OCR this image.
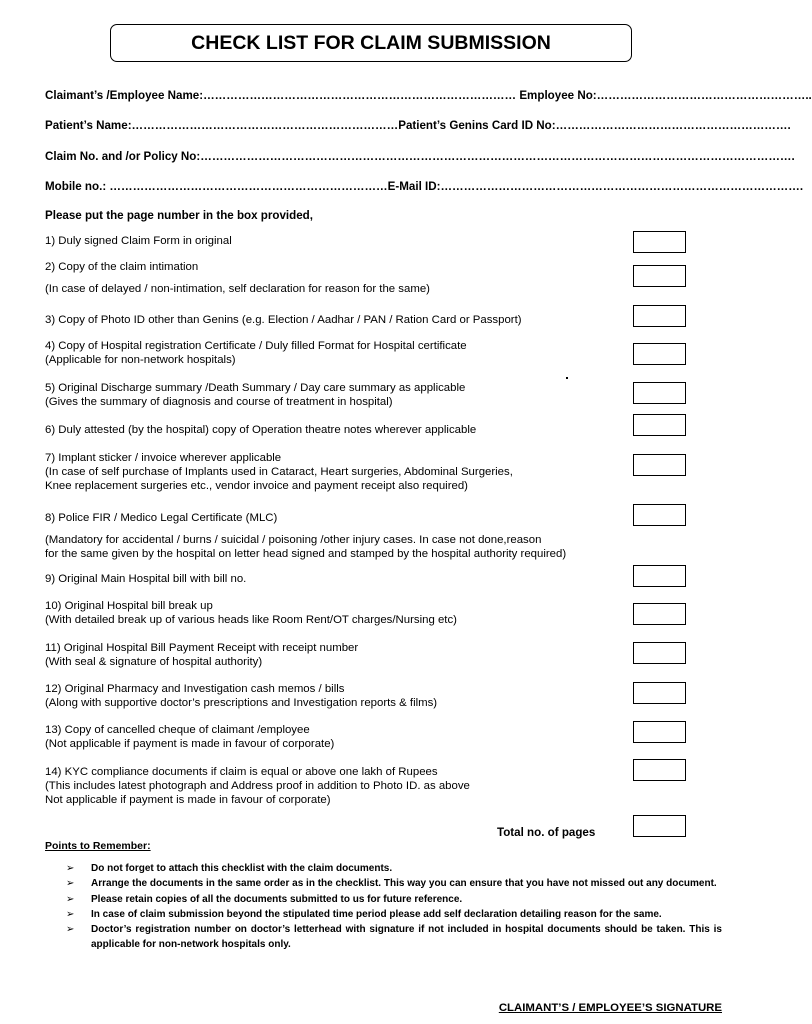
CHECK LIST FOR CLAIM SUBMISSION
Claimant’s /Employee Name:……………………………………………………………………… Employee No:………………………………………………..
Patient’s Name:……………………………………………………………Patient’s Genins Card ID No:…………………………………………………….
Claim No. and /or Policy No:……………………………………………………………………………………………………………………………………….
Mobile no.: ………………………………………………………………E-Mail ID:………………………………………………………………………………….
Please put the page number in the box provided,
1) Duly signed Claim Form in original
2) Copy of the claim intimation
(In case of delayed / non-intimation, self declaration for reason for the same)
3) Copy of Photo ID other than Genins (e.g. Election / Aadhar / PAN / Ration Card or Passport)
4) Copy of Hospital registration Certificate / Duly filled Format for Hospital certificate
(Applicable for non-network hospitals)
5) Original Discharge summary /Death Summary / Day care summary as applicable
(Gives the summary of diagnosis and course of treatment in hospital)
6) Duly attested (by the hospital) copy of Operation theatre notes wherever applicable
7) Implant sticker / invoice wherever applicable
(In case of self purchase of Implants used in Cataract, Heart surgeries, Abdominal Surgeries,
Knee replacement surgeries etc., vendor invoice and payment receipt also required)
8) Police FIR / Medico Legal Certificate (MLC)
(Mandatory for accidental / burns / suicidal / poisoning /other injury cases. In case not done,reason
for the same given by the hospital on letter head signed and stamped by the hospital authority required)
9) Original Main Hospital bill with bill no.
10) Original Hospital bill break up
(With detailed break up of various heads like Room Rent/OT charges/Nursing etc)
11) Original Hospital Bill Payment Receipt with receipt number
(With seal & signature of hospital authority)
12) Original Pharmacy and Investigation cash memos / bills
(Along with supportive doctor’s prescriptions and Investigation reports & films)
13) Copy of cancelled cheque of claimant /employee
(Not applicable if payment is made in favour of corporate)
14) KYC compliance documents if claim is equal or above one lakh of Rupees
(This includes latest photograph and Address proof in addition to Photo ID. as above
Not applicable if payment is made in favour of corporate)
Total no. of pages
Points to Remember:
➢ Do not forget to attach this checklist with the claim documents.
➢ Arrange the documents in the same order as in the checklist. This way you can ensure that you have not missed out any document.
➢ Please retain copies of all the documents submitted to us for future reference.
➢ In case of claim submission beyond the stipulated time period please add self declaration detailing reason for the same.
➢ Doctor’s registration number on doctor’s letterhead with signature if not included in hospital documents should be taken. This is applicable for non-network hospitals only.
CLAIMANT’S / EMPLOYEE’S SIGNATURE
